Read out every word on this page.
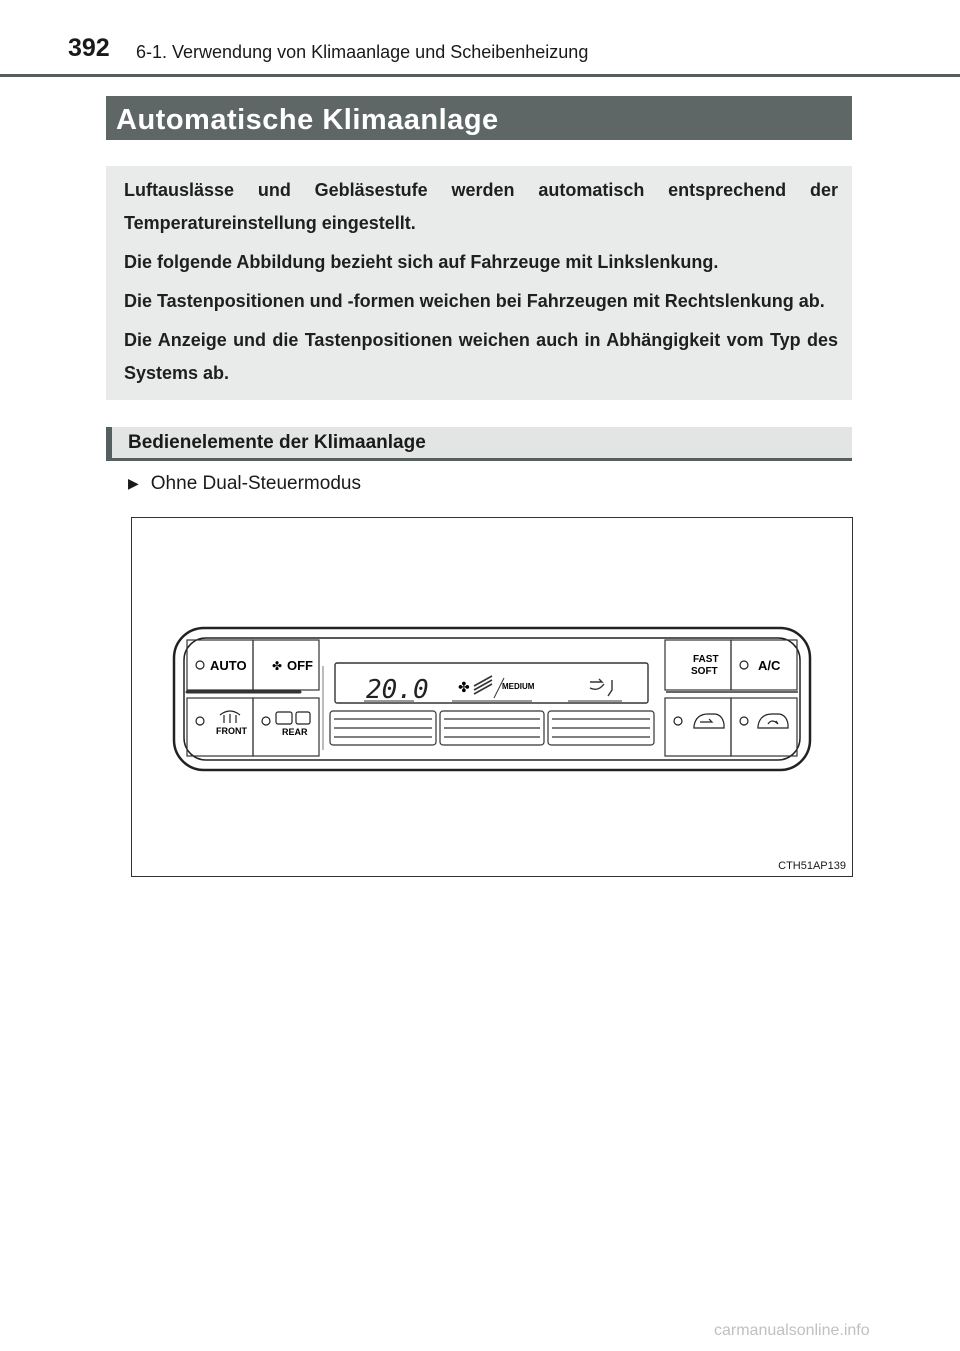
392 6-1. Verwendung von Klimaanlage und Scheibenheizung
Automatische Klimaanlage

Luftauslässe und Gebläsestufe werden automatisch entsprechend der Temperatureinstellung eingestellt.

Die folgende Abbildung bezieht sich auf Fahrzeuge mit Linkslenkung.

Die Tastenpositionen und -formen weichen bei Fahrzeugen mit Rechtslenkung ab.

Die Anzeige und die Tastenpositionen weichen auch in Abhängigkeit vom Typ des Systems ab.

Bedienelemente der Klimaanlage
▶ Ohne Dual-Steuermodus
AUTO ✤ OFF
FRONT	REAR
20.0 ✤	MEDIUM
FAST
SOFT	A/C
CTH51AP139
carmanualsonline.info
